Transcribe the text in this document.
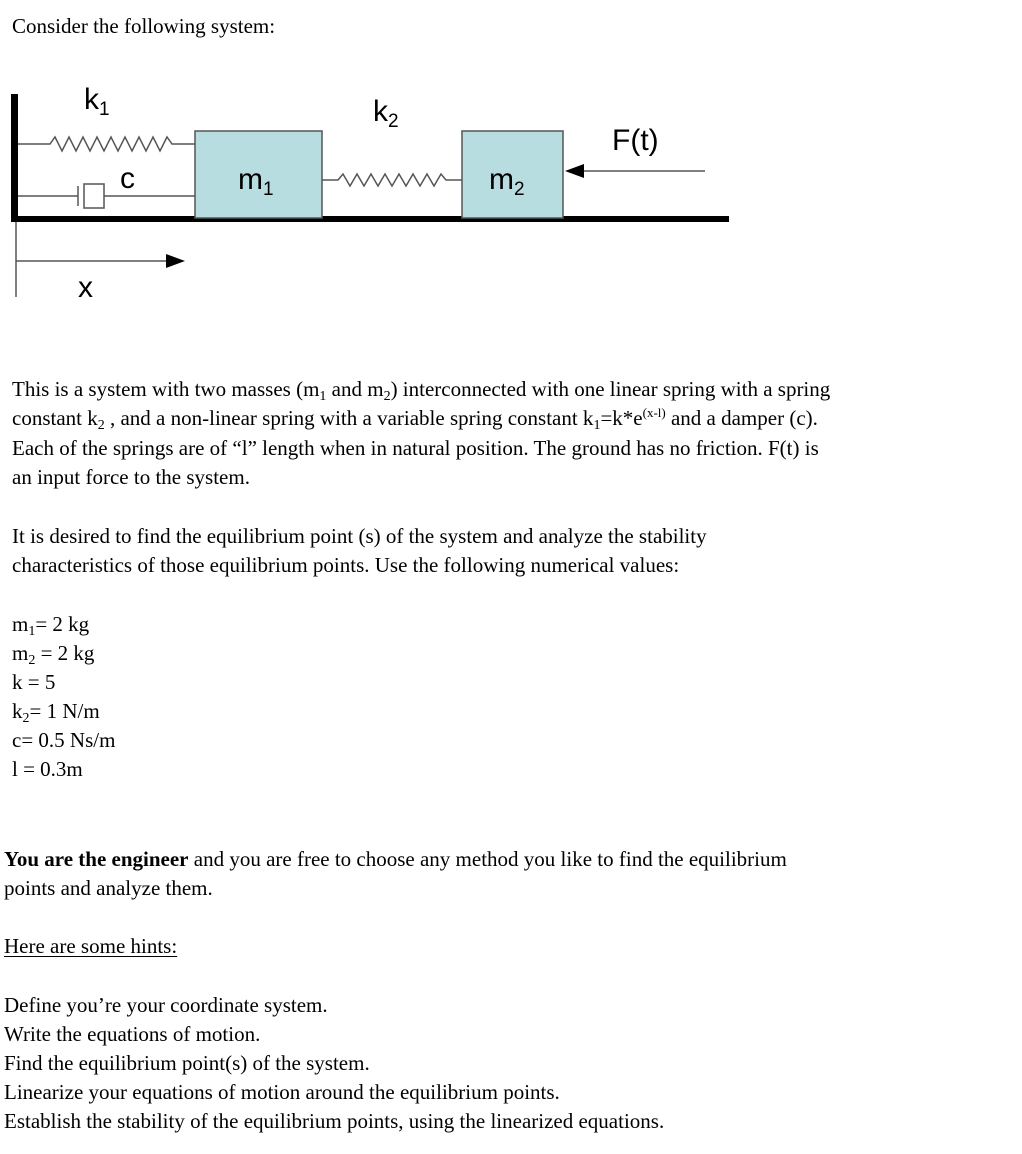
Consider the following system:
$k_1$	$k_2$
c	$m_1$	$m_2$
F(t)
x
This is a system with two masses ($m_1$ and $m_2$) interconnected with one linear spring with a spring
constant $k_2$ , and a non-linear spring with a variable spring constant $k_1=k*e^{(x-l)}$ and a damper (c).
Each of the springs are of “l” length when in natural position. The ground has no friction. F(t) is
an input force to the system.
It is desired to find the equilibrium point (s) of the system and analyze the stability
characteristics of those equilibrium points. Use the following numerical values:
$m_1= 2$ kg
$m_2 = 2$ kg
k = 5
$k_2= 1$ N/m
c= 0.5 Ns/m
l = 0.3m
You are the engineer and you are free to choose any method you like to find the equilibrium
points and analyze them.
Here are some hints:
Define you’re your coordinate system.
Write the equations of motion.
Find the equilibrium point(s) of the system.
Linearize your equations of motion around the equilibrium points.
Establish the stability of the equilibrium points, using the linearized equations.
